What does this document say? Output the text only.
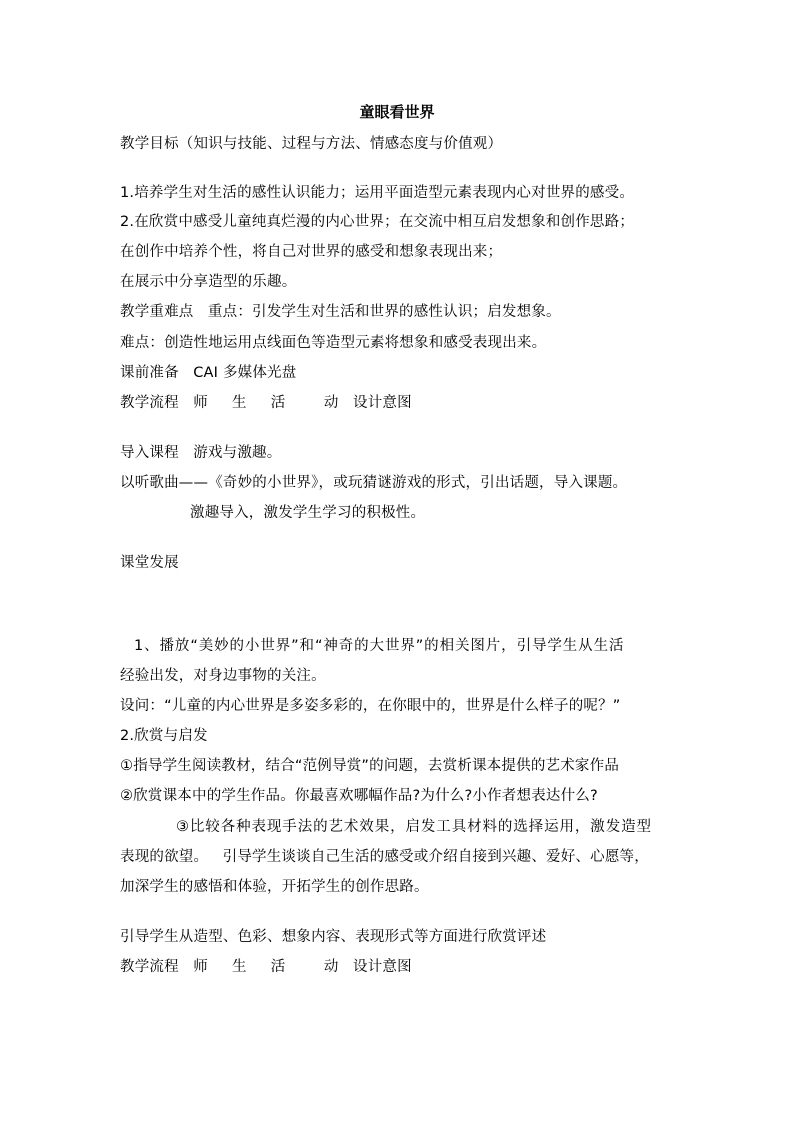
童眼看世界
教学目标（知识与技能、过程与方法、情感态度与价值观）
1.培养学生对生活的感性认识能力；运用平面造型元素表现内心对世界的感受。
2.在欣赏中感受儿童纯真烂漫的内心世界；在交流中相互启发想象和创作思路；
在创作中培养个性，将自己对世界的感受和想象表现出来；
在展示中分享造型的乐趣。
教学重难点   重点：引发学生对生活和世界的感性认识；启发想象。
难点：创造性地运用点线面色等造型元素将想象和感受表现出来。
课前准备   CAI 多媒体光盘
教学流程   师     生     活        动   设计意图
导入课程   游戏与激趣。
以听歌曲——《奇妙的小世界》，或玩猜谜游戏的形式，引出话题，导入课题。
激趣导入，激发学生学习的积极性。
课堂发展
1、播放“美妙的小世界”和“神奇的大世界”的相关图片，引导学生从生活
经验出发，对身边事物的关注。
设问：“儿童的内心世界是多姿多彩的，在你眼中的，世界是什么样子的呢？”
2.欣赏与启发
①指导学生阅读教材，结合“范例导赏”的问题，去赏析课本提供的艺术家作品
②欣赏课本中的学生作品。你最喜欢哪幅作品?为什么?小作者想表达什么?
③比较各种表现手法的艺术效果，启发工具材料的选择运用，激发造型
表现的欲望。   引导学生谈谈自己生活的感受或介绍自接到兴趣、爱好、心愿等，
加深学生的感悟和体验，开拓学生的创作思路。
引导学生从造型、色彩、想象内容、表现形式等方面进行欣赏评述
教学流程   师     生     活        动   设计意图
